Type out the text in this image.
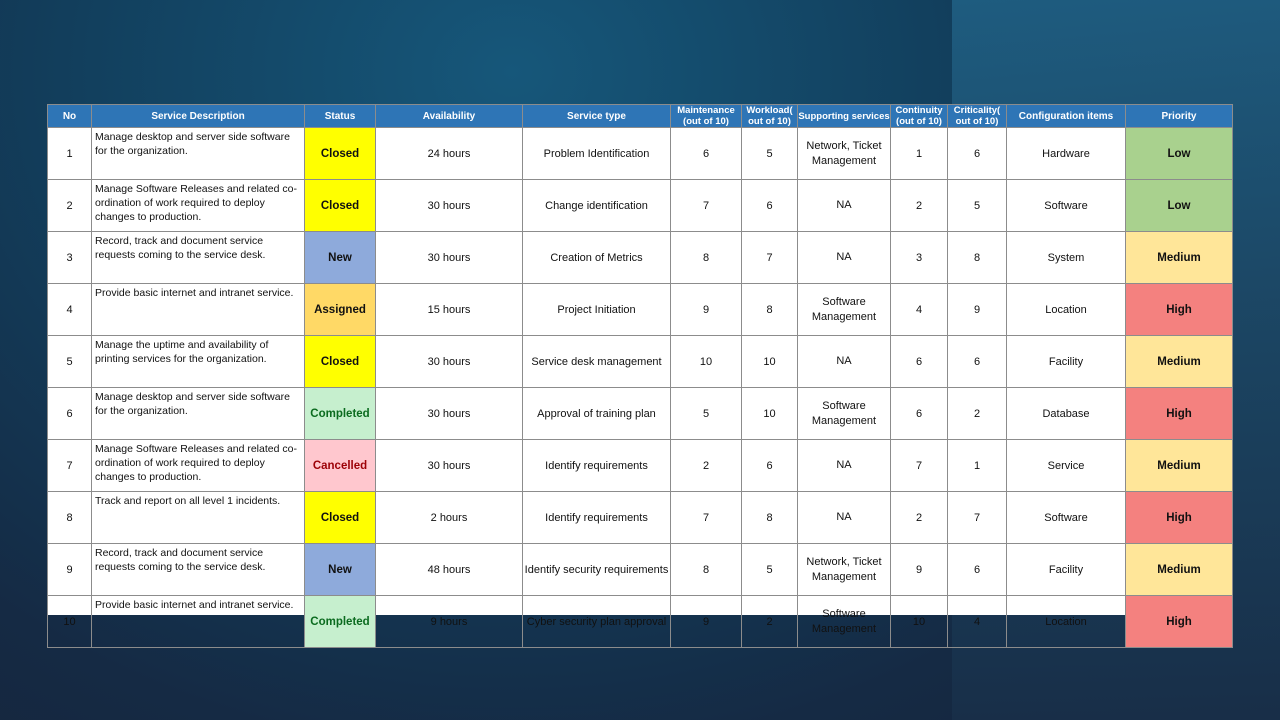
No	Service Description	Status	Availability	Service type	Maintenance (out of 10)	Workload( out of 10)	Supporting services	Continuity (out of 10)	Criticality( out of 10)	Configuration items	Priority
1	Manage desktop and server side software for the organization.	Closed	24 hours	Problem Identification	6	5	Network, Ticket Management	1	6	Hardware	Low
2	Manage Software Releases and related co-ordination of work required to deploy changes to production.	Closed	30 hours	Change identification	7	6	NA	2	5	Software	Low
3	Record, track and document service requests coming to the service desk.	New	30 hours	Creation of Metrics	8	7	NA	3	8	System	Medium
4	Provide basic internet and intranet service.	Assigned	15 hours	Project Initiation	9	8	Software Management	4	9	Location	High
5	Manage the uptime and availability of printing services for the organization.	Closed	30 hours	Service desk management	10	10	NA	6	6	Facility	Medium
6	Manage desktop and server side software for the organization.	Completed	30 hours	Approval of training plan	5	10	Software Management	6	2	Database	High
7	Manage Software Releases and related co-ordination of work required to deploy changes to production.	Cancelled	30 hours	Identify requirements	2	6	NA	7	1	Service	Medium
8	Track and report on all level 1 incidents.	Closed	2 hours	Identify requirements	7	8	NA	2	7	Software	High
9	Record, track and document service requests coming to the service desk.	New	48 hours	Identify security requirements	8	5	Network, Ticket Management	9	6	Facility	Medium
10	Provide basic internet and intranet service.	Completed	9 hours	Cyber security plan approval	9	2	Software Management	10	4	Location	High
